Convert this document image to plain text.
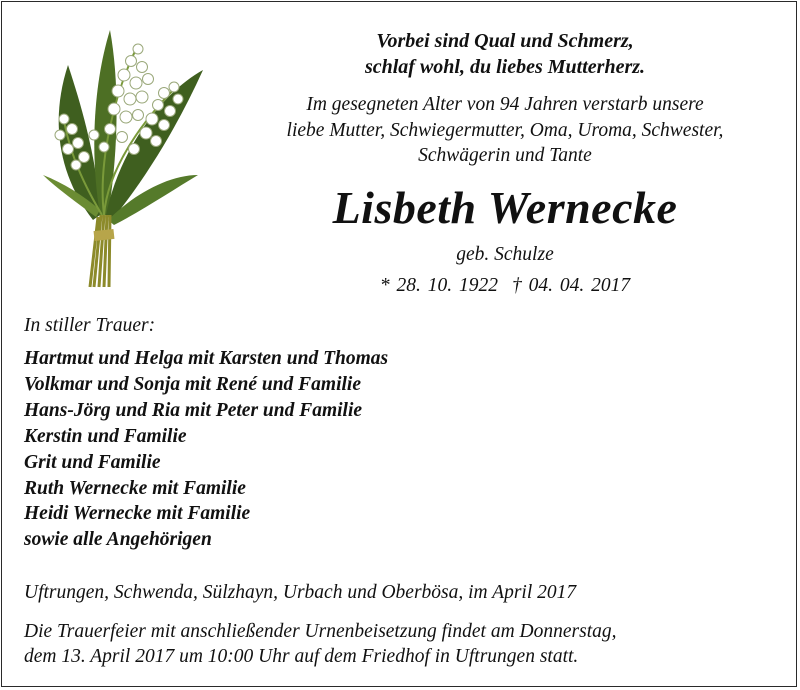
Vorbei sind Qual und Schmerz,
schlaf wohl, du liebes Mutterherz.

Im gesegneten Alter von 94 Jahren verstarb unsere
liebe Mutter, Schwiegermutter, Oma, Uroma, Schwester,
Schwägerin und Tante

Lisbeth Wernecke

geb. Schulze

* 28. 10. 1922 † 04. 04. 2017

In stiller Trauer:

Hartmut und Helga mit Karsten und Thomas
Volkmar und Sonja mit René und Familie
Hans-Jörg und Ria mit Peter und Familie
Kerstin und Familie
Grit und Familie
Ruth Wernecke mit Familie
Heidi Wernecke mit Familie
sowie alle Angehörigen

Uftrungen, Schwenda, Sülzhayn, Urbach und Oberbösa, im April 2017

Die Trauerfeier mit anschließender Urnenbeisetzung findet am Donnerstag,
dem 13. April 2017 um 10:00 Uhr auf dem Friedhof in Uftrungen statt.
